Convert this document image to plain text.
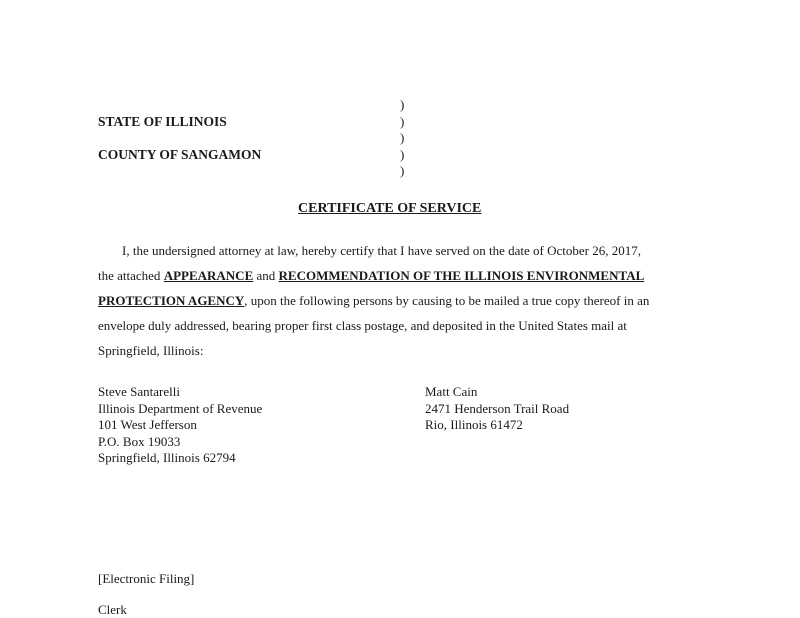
STATE OF ILLINOIS
COUNTY OF SANGAMON
)
)
)
)
)
CERTIFICATE OF SERVICE
I, the undersigned attorney at law, hereby certify that I have served on the date of October 26, 2017,
the attached APPEARANCE and RECOMMENDATION OF THE ILLINOIS ENVIRONMENTAL
PROTECTION AGENCY, upon the following persons by causing to be mailed a true copy thereof in an
envelope duly addressed, bearing proper first class postage, and deposited in the United States mail at
Springfield, Illinois:
Steve Santarelli
Illinois Department of Revenue
101 West Jefferson
P.O. Box 19033
Springfield, Illinois 62794
Matt Cain
2471 Henderson Trail Road
Rio, Illinois 61472
[Electronic Filing]
Clerk
